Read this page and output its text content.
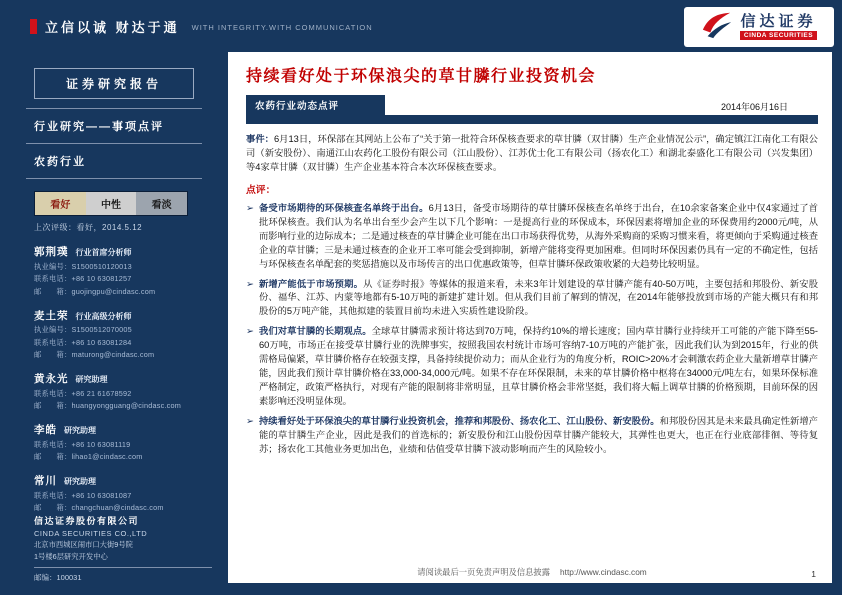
立信以诚 财达于通 WITH INTEGRITY.WITH COMMUNICATION	信达证券
CINDA SECURITIES
证券研究报告
行业研究——事项点评
农药行业
看好	中性	看淡
上次评级：看好，2014.5.12
郭荆璞 行业首席分析师
执业编号：S1500510120013
联系电话：+86 10 63081257
邮　　箱：guojingpu@cindasc.com
麦土荣 行业高级分析师
执业编号：S1500512070005
联系电话：+86 10 63081284
邮　　箱：maturong@cindasc.com
黄永光 研究助理
联系电话：+86 21 61678592
邮　　箱：huangyongguang@cindasc.com
李皓 研究助理
联系电话：+86 10 63081119
邮　　箱：lihao1@cindasc.com
常川 研究助理
联系电话：+86 10 63081087
邮　　箱：changchuan@cindasc.com
信达证券股份有限公司
CINDA SECURITIES CO.,LTD
北京市西城区闹市口大街9号院
1号楼6层研究开发中心
邮编：100031
持续看好处于环保浪尖的草甘膦行业投资机会
农药行业动态点评	2014年06月16日
事件：6月13日，环保部在其网站上公布了“关于第一批符合环保核查要求的草甘膦（双甘膦）生产企业情况公示”，确定镇江江南化工有限公司（新安股份）、南通江山农药化工股份有限公司（江山股份）、江苏优士化工有限公司（扬农化工）和湖北泰盛化工有限公司（兴发集团）等4家草甘膦（双甘膦）生产企业基本符合本次环保核查要求。
点评：
➢ 备受市场期待的环保核查名单终于出台。6月13日，备受市场期待的草甘膦环保核查名单终于出台，在10余家备案企业中仅4家通过了首批环保核查。我们认为名单出台至少会产生以下几个影响：一是提高行业的环保成本，环保因素将增加企业的环保费用约2000元/吨，从而影响行业的边际成本；二是通过核查的草甘膦企业可能在出口市场获得优势，从海外采购商的采购习惯来看，将更倾向于采购通过核查企业的草甘膦；三是未通过核查的企业开工率可能会受到抑制，新增产能将变得更加困难。但同时环保因素仍具有一定的不确定性，包括与环保核查名单配套的奖惩措施以及市场传言的出口优惠政策等，但草甘膦环保政策收紧的大趋势比较明显。
➢ 新增产能低于市场预期。从《证券时报》等媒体的报道来看，未来3年计划建设的草甘膦产能有40-50万吨，主要包括和邦股份、新安股份、福华、江苏、内蒙等地都有5-10万吨的新建扩建计划。但从我们目前了解到的情况，在2014年能够投放到市场的产能大概只有和邦股份的5万吨产能，其他拟建的装置目前均未进入实质性建设阶段。
➢ 我们对草甘膦的长期观点。全球草甘膦需求预计将达到70万吨，保持约10%的增长速度；国内草甘膦行业持续开工可能的产能下降至55-60万吨，市场正在接受草甘膦行业的洗牌事实，按照我国农村统计市场可容纳7-10万吨的产能扩张，因此我们认为到2015年，行业的供需格局偏紧，草甘膦价格存在较强支撑，具备持续提价动力；而从企业行为的角度分析，ROIC>20%才会刺激农药企业大量新增草甘膦产能，因此我们预计草甘膦价格在33,000-34,000元/吨。如果不存在环保限制，未来的草甘膦价格中枢将在34000元/吨左右，如果环保标准严格制定，政策严格执行，对现有产能的限制将非常明显，且草甘膦价格会非常坚挺，我们将大幅上调草甘膦的价格预期，目前环保的因素影响还没明显体现。
➢ 持续看好处于环保浪尖的草甘膦行业投资机会，推荐和邦股份、扬农化工、江山股份、新安股份。和邦股份因其是未来最具确定性新增产能的草甘膦生产企业，因此是我们的首选标的；新安股份和江山股份因草甘膦产能较大，其弹性也更大，也正在行业底部徘徊、等待复苏；扬农化工其他业务更加出色，业绩和估值受草甘膦下波动影响而产生的风险较小。
请阅读最后一页免责声明及信息披露 http://www.cindasc.com	1
